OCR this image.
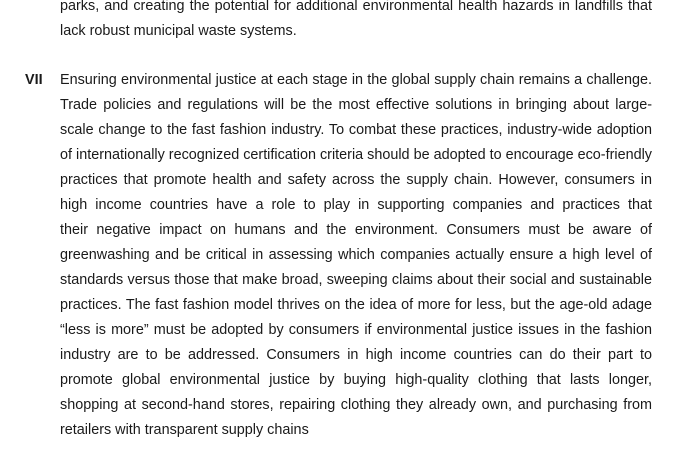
parks, and creating the potential for additional environmental health hazards in landfills that
lack robust municipal waste systems.
VII Ensuring environmental justice at each stage in the global supply chain remains a challenge.
Trade policies and regulations will be the most effective solutions in bringing about large-
scale change to the fast fashion industry. To combat these practices, industry-wide adoption
of internationally recognized certification criteria should be adopted to encourage eco-friendly
practices that promote health and safety across the supply chain. However, consumers in
high income countries have a role to play in supporting companies and practices that
their negative impact on humans and the environment. Consumers must be aware of
greenwashing and be critical in assessing which companies actually ensure a high level of
standards versus those that make broad, sweeping claims about their social and sustainable
practices. The fast fashion model thrives on the idea of more for less, but the age-old adage
“less is more” must be adopted by consumers if environmental justice issues in the fashion
industry are to be addressed. Consumers in high income countries can do their part to
promote global environmental justice by buying high-quality clothing that lasts longer,
shopping at second-hand stores, repairing clothing they already own, and purchasing from
retailers with transparent supply chains
